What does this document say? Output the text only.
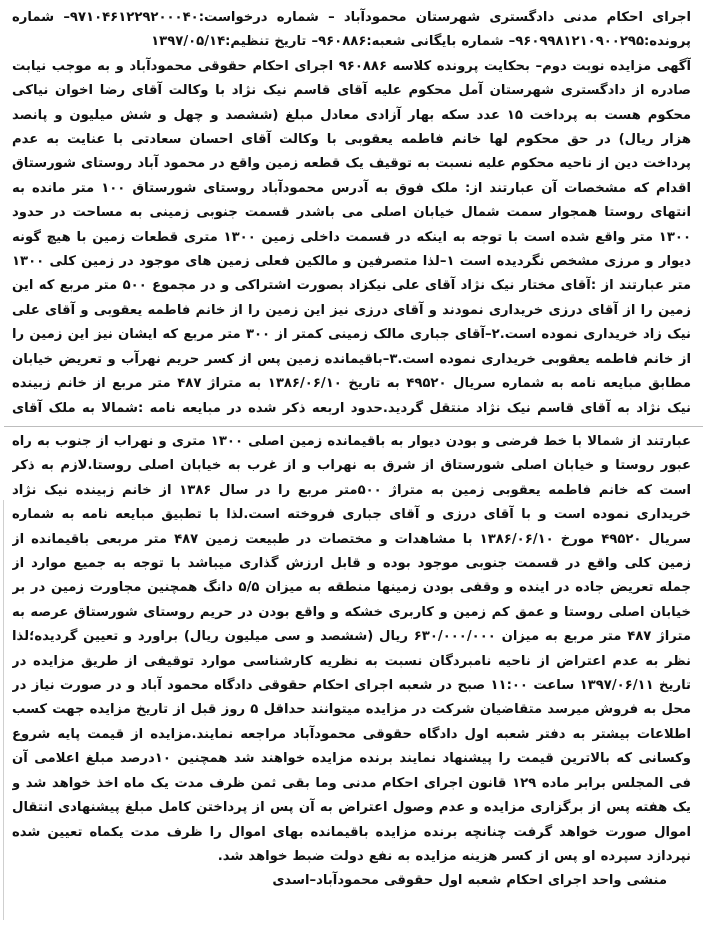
اجرای احکام مدنی دادگستری شهرستان محمودآباد – شماره درخواست:۹۷۱۰۴۶۱۲۲۹۲۰۰۰۴۰– شماره پرونده:۹۶۰۹۹۸۱۲۱۰۹۰۰۲۹۵– شماره بایگانی شعبه:۹۶۰۸۸۶– تاریخ تنظیم:۱۳۹۷/۰۵/۱۴

آگهی مزایده نوبت دوم– بحکایت پرونده کلاسه ۹۶۰۸۸۶ اجرای احکام حقوقی محمودآباد و به موجب نیابت صادره از دادگستری شهرستان آمل محکوم علیه آقای قاسم نیک نژاد با وکالت آقای رضا اخوان نیاکی محکوم هست به پرداخت ۱۵ عدد سکه بهار آزادی معادل مبلغ (ششصد و چهل و شش میلیون و پانصد هزار ریال) در حق محکوم لها خانم فاطمه یعقوبی با وکالت آقای احسان سعادتی با عنایت به عدم پرداخت دین از ناحیه محکوم علیه نسبت به توقیف یک قطعه زمین واقع در محمود آباد روستای شورستاق اقدام که مشخصات آن عبارتند از: ملک فوق به آدرس محمودآباد روستای شورستاق ۱۰۰ متر مانده به انتهای روستا همجوار سمت شمال خیابان اصلی می باشدر قسمت جنوبی زمینی به مساحت در حدود ۱۳۰۰ متر واقع شده است با توجه به اینکه در قسمت داخلی زمین ۱۳۰۰ متری قطعات زمین با هیچ گونه دیوار و مرزی مشخص نگردیده است ۱–لذا متصرفین و مالکین فعلی زمین های موجود در زمین کلی ۱۳۰۰ متر عبارتند از :آقای مختار نیک نژاد آقای علی نیکزاد بصورت اشتراکی و در مجموع ۵۰۰ متر مربع که این زمین را از آقای درزی خریداری نمودند و آقای درزی نیز این زمین را از خانم فاطمه یعقوبی و آقای علی نیک زاد خریداری نموده است.۲–آقای جباری مالک زمینی کمتر از ۳۰۰ متر مربع که ایشان نیز این زمین را از خانم فاطمه یعقوبی خریداری نموده است.۳–باقیمانده زمین پس از کسر حریم نهرآب و تعریض خیابان مطابق مبایعه نامه به شماره سریال ۴۹۵۲۰ به تاریخ ۱۳۸۶/۰۶/۱۰ به متراژ ۴۸۷ متر مربع از خانم زبینده نیک نژاد به آقای قاسم نیک نژاد منتقل گردید.حدود اربعه ذکر شده در مبایعه نامه :شمالا به ملک آقای

عبارتند از شمالا با خط فرضی و بودن دیوار به باقیمانده زمین اصلی ۱۳۰۰ متری و نهراب از جنوب به راه عبور روستا و خیابان اصلی شورستاق از شرق به نهراب و از غرب به خیابان اصلی روستا.لازم به ذکر است که خانم فاطمه یعقوبی زمین به متراژ ۵۰۰متر مربع را در سال ۱۳۸۶ از خانم زبینده نیک نژاد خریداری نموده است و با آقای درزی و آقای جباری فروخته است.لذا با تطبیق مبایعه نامه به شماره سریال ۴۹۵۲۰ مورخ ۱۳۸۶/۰۶/۱۰ با مشاهدات و مختصات در طبیعت زمین ۴۸۷ متر مربعی باقیمانده از زمین کلی واقع در قسمت جنوبی موجود بوده و قابل ارزش گذاری میباشد با توجه به جمیع موارد از جمله تعریض جاده در اینده و وقفی بودن زمینها منطقه به میزان ۵/۵ دانگ همچنین مجاورت زمین در بر خیابان اصلی روستا و عمق کم زمین و کاربری خشکه و واقع بودن در حریم روستای شورستاق عرصه به متراژ ۴۸۷ متر مربع به میزان ۶۳۰/۰۰۰/۰۰۰ ریال (ششصد و سی میلیون ریال) براورد و تعیین گردیده؛لذا نظر به عدم اعتراض از ناحیه نامبردگان نسبت به نظریه کارشناسی موارد توقیفی از طریق مزایده در تاریخ ۱۳۹۷/۰۶/۱۱ ساعت ۱۱:۰۰ صبح در شعبه اجرای احکام حقوقی دادگاه محمود آباد و در صورت نیاز در محل به فروش میرسد متقاضیان شرکت در مزایده میتوانند حداقل ۵ روز قبل از تاریخ مزایده جهت کسب اطلاعات بیشتر به دفتر شعبه اول دادگاه حقوقی محمودآباد مراجعه نمایند.مزایده از قیمت پایه شروع وکسانی که بالاترین قیمت را پیشنهاد نمایند برنده مزایده خواهند شد همچنین ۱۰درصد مبلغ اعلامی آن فی المجلس برابر ماده ۱۲۹ قانون اجرای احکام مدنی وما بقی ثمن ظرف مدت یک ماه اخذ خواهد شد و یک هفته پس از برگزاری مزایده و عدم وصول اعتراض به آن پس از پرداختن کامل مبلغ پیشنهادی انتقال اموال صورت خواهد گرفت چنانچه برنده مزایده باقیمانده بهای اموال را ظرف مدت یکماه تعیین شده نپردازد سپرده او پس از کسر هزینه مزایده به نفع دولت ضبط خواهد شد.

منشی واحد اجرای احکام شعبه اول حقوقی محمودآباد–اسدی
